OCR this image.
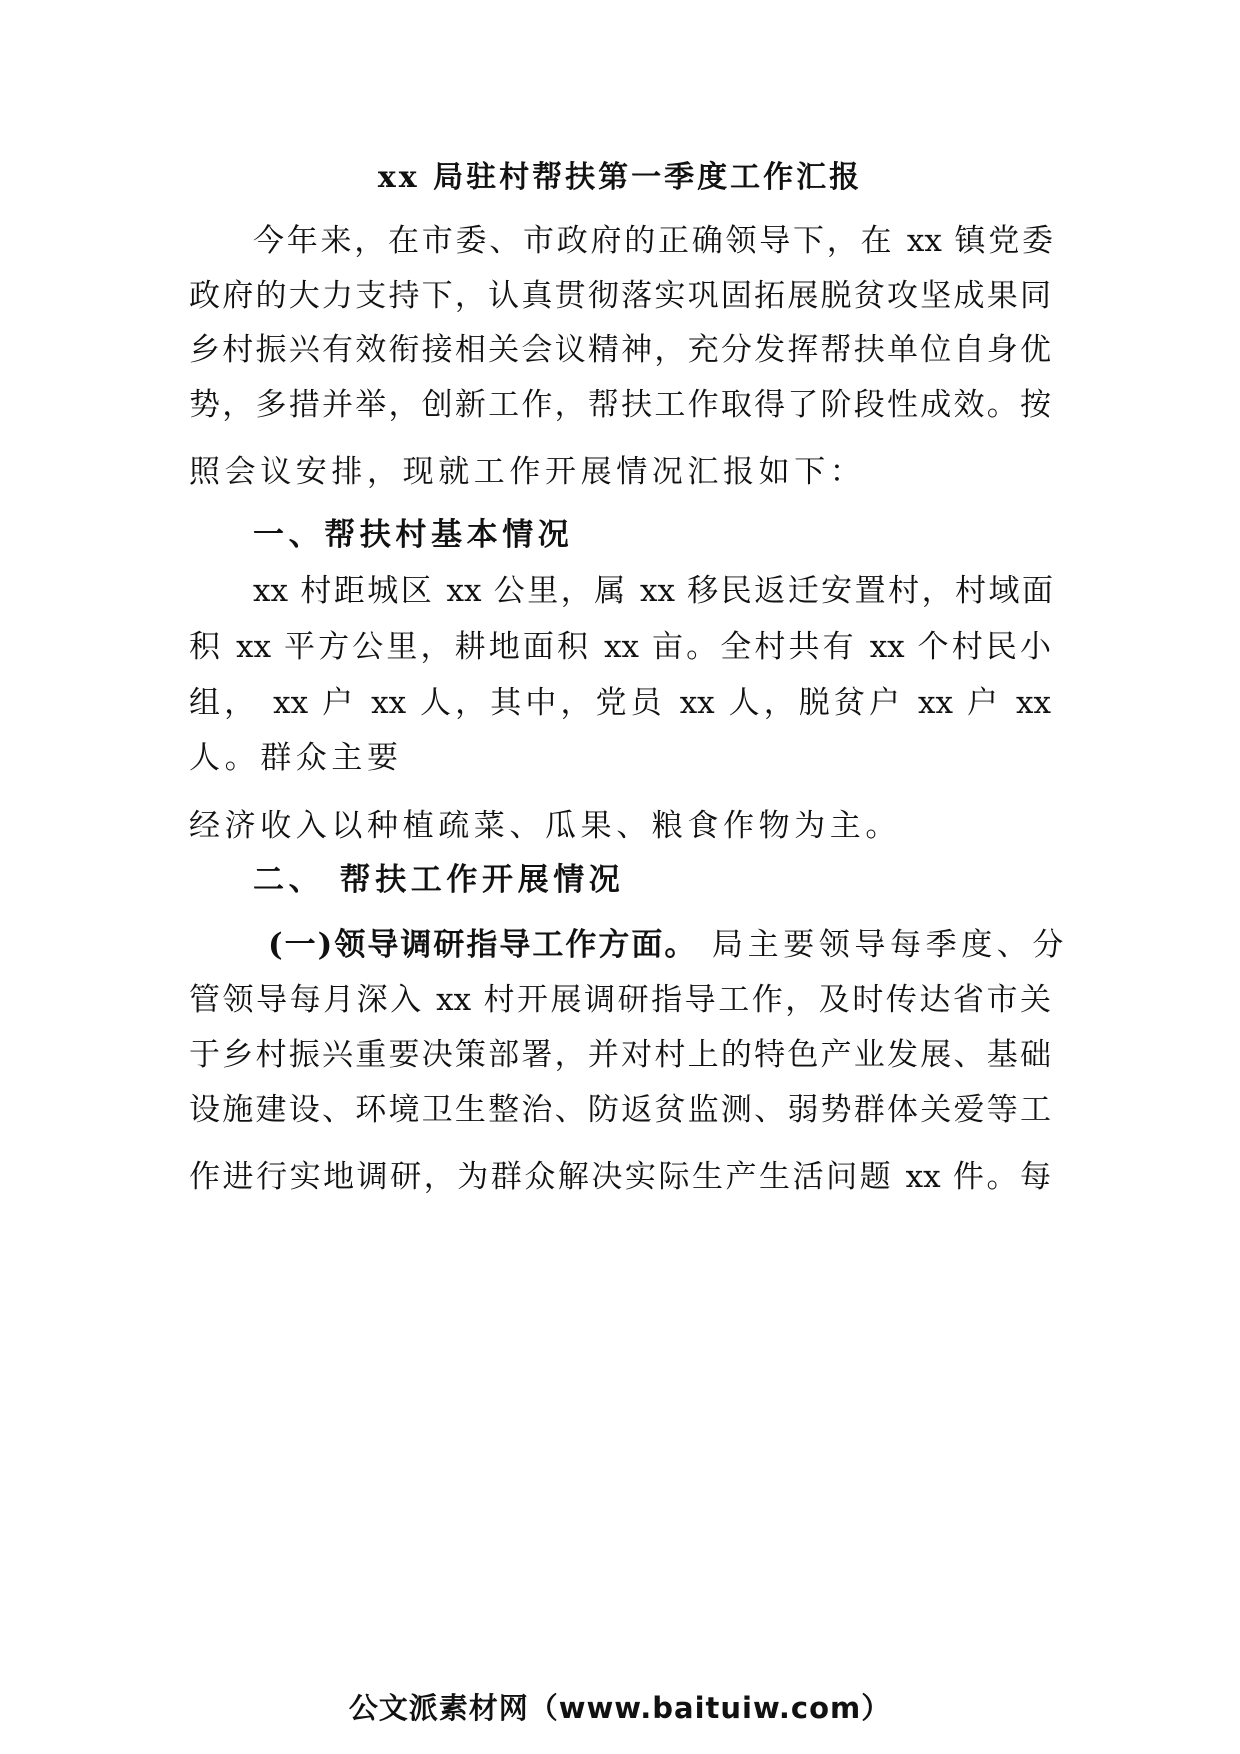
xx 局驻村帮扶第一季度工作汇报
今年来，在市委、市政府的正确领导下，在 xx 镇党委
政府的大力支持下，认真贯彻落实巩固拓展脱贫攻坚成果同
乡村振兴有效衔接相关会议精神，充分发挥帮扶单位自身优
势，多措并举，创新工作，帮扶工作取得了阶段性成效。按
照会议安排，现就工作开展情况汇报如下：
一、帮扶村基本情况
xx 村距城区 xx 公里，属 xx 移民返迁安置村，村域面
积 xx 平方公里，耕地面积 xx 亩。全村共有 xx 个村民小
组， xx 户 xx 人，其中，党员 xx 人，脱贫户 xx 户 xx
人。群众主要
经济收入以种植疏菜、瓜果、粮食作物为主。
二、 帮扶工作开展情况
(一)领导调研指导工作方面。 局主要领导每季度、分
管领导每月深入 xx 村开展调研指导工作，及时传达省市关
于乡村振兴重要决策部署，并对村上的特色产业发展、基础
设施建设、环境卫生整治、防返贫监测、弱势群体关爱等工
作进行实地调研，为群众解决实际生产生活问题 xx 件。每
公文派素材网（www.baituiw.com）
